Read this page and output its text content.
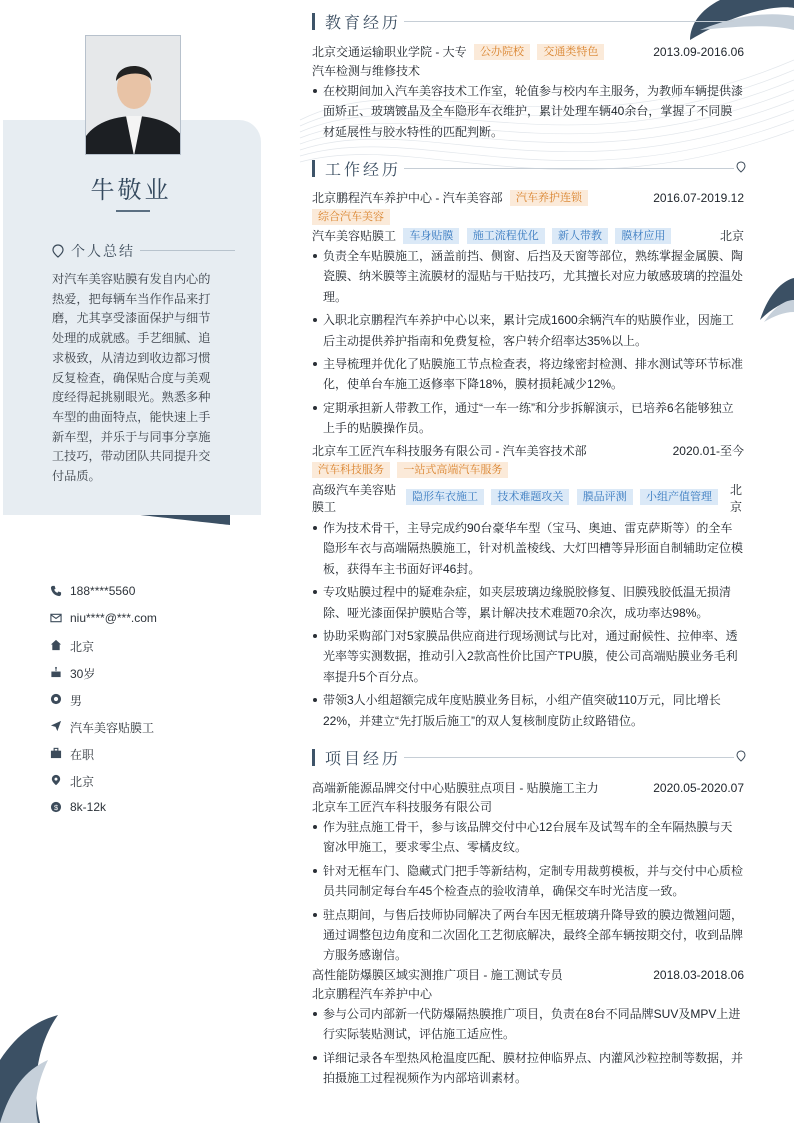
牛敬业
个人总结
对汽车美容贴膜有发自内心的热爱，把每辆车当作作品来打磨，尤其享受漆面保护与细节处理的成就感。手艺细腻、追求极致，从清边到收边都习惯反复检查，确保贴合度与美观度经得起挑剔眼光。熟悉多种车型的曲面特点，能快速上手新车型，并乐于与同事分享施工技巧，带动团队共同提升交付品质。
188****5560
niu****@***.com
北京
30岁
男
汽车美容贴膜工
在职
北京
$ 8k-12k
教育经历
北京交通运输职业学院 - 大专 公办院校 交通类特色	2013.09-2016.06
汽车检测与维修技术
在校期间加入汽车美容技术工作室，轮值参与校内车主服务，为教师车辆提供漆面矫正、玻璃镀晶及全车隐形车衣维护，累计处理车辆40余台，掌握了不同膜材延展性与胶水特性的匹配判断。
工作经历
北京鹏程汽车养护中心 - 汽车美容部 汽车养护连锁	2016.07-2019.12
综合汽车美容
汽车美容贴膜工 车身贴膜 施工流程优化 新人带教 膜材应用	北京
负责全车贴膜施工，涵盖前挡、侧窗、后挡及天窗等部位，熟练掌握金属膜、陶瓷膜、纳米膜等主流膜材的湿贴与干贴技巧，尤其擅长对应力敏感玻璃的控温处理。
入职北京鹏程汽车养护中心以来，累计完成1600余辆汽车的贴膜作业，因施工后主动提供养护指南和免费复检，客户转介绍率达35%以上。
主导梳理并优化了贴膜施工节点检查表，将边缘密封检测、排水测试等环节标准化，使单台车施工返修率下降18%，膜材损耗减少12%。
定期承担新人带教工作，通过“一车一练”和分步拆解演示，已培养6名能够独立上手的贴膜操作员。
北京车工匠汽车科技服务有限公司 - 汽车美容技术部	2020.01-至今
汽车科技服务 一站式高端汽车服务
高级汽车美容贴膜工
隐形车衣施工 技术难题攻关 膜品评测 小组产值管理	北京
作为技术骨干，主导完成约90台豪华车型（宝马、奥迪、雷克萨斯等）的全车隐形车衣与高端隔热膜施工，针对机盖棱线、大灯凹槽等异形面自制辅助定位模板，获得车主书面好评46封。
专攻贴膜过程中的疑难杂症，如夹层玻璃边缘脱胶修复、旧膜残胶低温无损清除、哑光漆面保护膜贴合等，累计解决技术难题70余次，成功率达98%。
协助采购部门对5家膜品供应商进行现场测试与比对，通过耐候性、拉伸率、透光率等实测数据，推动引入2款高性价比国产TPU膜，使公司高端贴膜业务毛利率提升5个百分点。
带领3人小组超额完成年度贴膜业务目标，小组产值突破110万元，同比增长22%，并建立“先打版后施工”的双人复核制度防止纹路错位。
项目经历
高端新能源品牌交付中心贴膜驻点项目 - 贴膜施工主力	2020.05-2020.07
北京车工匠汽车科技服务有限公司
作为驻点施工骨干，参与该品牌交付中心12台展车及试驾车的全车隔热膜与天窗冰甲施工，要求零尘点、零橘皮纹。
针对无框车门、隐藏式门把手等新结构，定制专用裁剪模板，并与交付中心质检员共同制定每台车45个检查点的验收清单，确保交车时光洁度一致。
驻点期间，与售后技师协同解决了两台车因无框玻璃升降导致的膜边微翘问题，通过调整包边角度和二次固化工艺彻底解决，最终全部车辆按期交付，收到品牌方服务感谢信。
高性能防爆膜区域实测推广项目 - 施工测试专员	2018.03-2018.06
北京鹏程汽车养护中心
参与公司内部新一代防爆隔热膜推广项目，负责在8台不同品牌SUV及MPV上进行实际装贴测试，评估施工适应性。
详细记录各车型热风枪温度匹配、膜材拉伸临界点、内灌风沙粒控制等数据，并拍摄施工过程视频作为内部培训素材。
